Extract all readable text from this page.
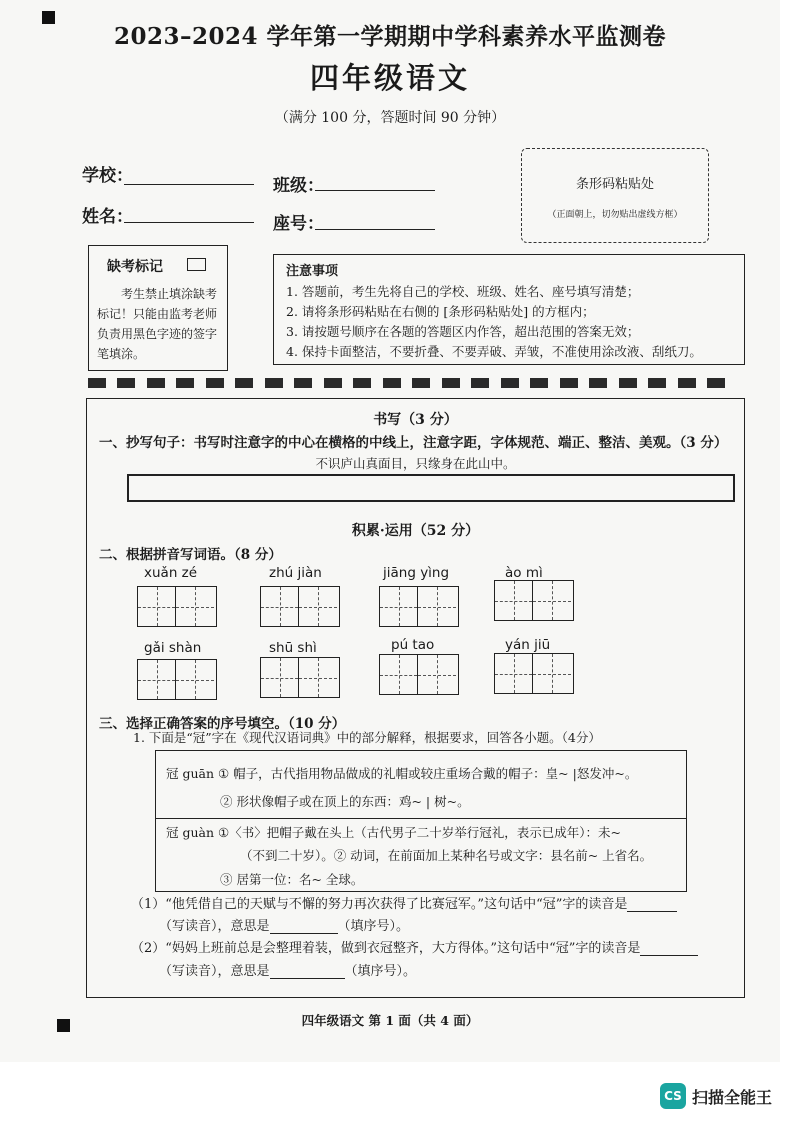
2023–2024 学年第一学期期中学科素养水平监测卷
四年级语文
（满分 100 分，答题时间 90 分钟）
学校：	班级：
姓名：	座号：
条形码粘贴处
（正面朝上，切勿贴出虚线方框）
缺考标记
考生禁止填涂缺考标记！只能由监考老师负责用黑色字迹的签字笔填涂。
注意事项
1. 答题前，考生先将自己的学校、班级、姓名、座号填写清楚；
2. 请将条形码粘贴在右侧的 [条形码粘贴处] 的方框内；
3. 请按题号顺序在各题的答题区内作答，超出范围的答案无效；
4. 保持卡面整洁，不要折叠、不要弄破、弄皱，不准使用涂改液、刮纸刀。
书写（3 分）
一、抄写句子：书写时注意字的中心在横格的中线上，注意字距，字体规范、端正、整洁、美观。（3 分）
不识庐山真面目，只缘身在此山中。
积累·运用（52 分）
二、根据拼音写词语。（8 分）
xuǎn zé	zhú jiàn	jiāng yìng	ào mì
gǎi shàn	shū shì	pú tao	yán jiū
三、选择正确答案的序号填空。（10 分）
1. 下面是“冠”字在《现代汉语词典》中的部分解释，根据要求，回答各小题。（4分）
冠 guān ① 帽子，古代指用物品做成的礼帽或较庄重场合戴的帽子：皇~ |怒发冲~。
② 形状像帽子或在顶上的东西：鸡~ | 树~。
冠 guàn ①〈书〉把帽子戴在头上（古代男子二十岁举行冠礼，表示已成年）：未~
（不到二十岁）。② 动词，在前面加上某种名号或文字：县名前~ 上省名。
③ 居第一位：名~ 全球。
（1）“他凭借自己的天赋与不懈的努力再次获得了比赛冠军。”这句话中“冠”字的读音是
（写读音），意思是	（填序号）。
（2）“妈妈上班前总是会整理着装，做到衣冠整齐，大方得体。”这句话中“冠”字的读音是
（写读音），意思是	（填序号）。
四年级语文 第 1 面（共 4 面）
CS 扫描全能王
